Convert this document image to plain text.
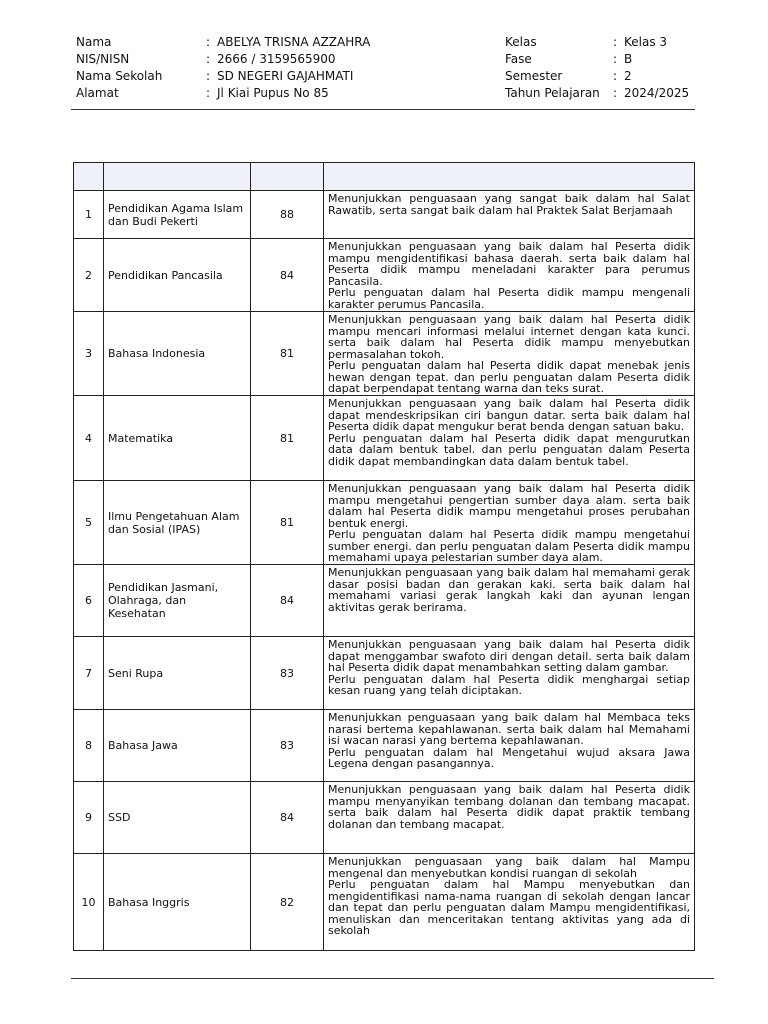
Nama	: ABELYA TRISNA AZZAHRA
NIS/NISN	: 2666 / 3159565900
Nama Sekolah	: SD NEGERI GAJAHMATI
Alamat	: Jl Kiai Pupus No 85
Kelas	: Kelas 3
Fase	: B
Semester	: 2
Tahun Pelajaran : 2024/2025

1	Pendidikan Agama Islam dan Budi Pekerti	88	Menunjukkan penguasaan yang sangat baik dalam hal Salat Rawatib, serta sangat baik dalam hal Praktek Salat Berjamaah

2	Pendidikan Pancasila	84	Menunjukkan penguasaan yang baik dalam hal Peserta didik mampu mengidentifikasi bahasa daerah. serta baik dalam hal Peserta didik mampu meneladani karakter para perumus Pancasila.

Perlu penguatan dalam hal Peserta didik mampu mengenali karakter perumus Pancasila.

3	Bahasa Indonesia	81	Menunjukkan penguasaan yang baik dalam hal Peserta didik mampu mencari informasi melalui internet dengan kata kunci. serta baik dalam hal Peserta didik mampu menyebutkan permasalahan tokoh.

Perlu penguatan dalam hal Peserta didik dapat menebak jenis hewan dengan tepat. dan perlu penguatan dalam Peserta didik dapat berpendapat tentang warna dan teks surat.

4	Matematika	81	Menunjukkan penguasaan yang baik dalam hal Peserta didik dapat mendeskripsikan ciri bangun datar. serta baik dalam hal Peserta didik dapat mengukur berat benda dengan satuan baku.

Perlu penguatan dalam hal Peserta didik dapat mengurutkan data dalam bentuk tabel. dan perlu penguatan dalam Peserta didik dapat membandingkan data dalam bentuk tabel.

5	Ilmu Pengetahuan Alam dan Sosial (IPAS)	81	Menunjukkan penguasaan yang baik dalam hal Peserta didik mampu mengetahui pengertian sumber daya alam. serta baik dalam hal Peserta didik mampu mengetahui proses perubahan bentuk energi.

Perlu penguatan dalam hal Peserta didik mampu mengetahui sumber energi. dan perlu penguatan dalam Peserta didik mampu memahami upaya pelestarian sumber daya alam.

6	Pendidikan Jasmani, Olahraga, dan Kesehatan	84	Menunjukkan penguasaan yang baik dalam hal memahami gerak dasar posisi badan dan gerakan kaki. serta baik dalam hal memahami variasi gerak langkah kaki dan ayunan lengan aktivitas gerak berirama.

7	Seni Rupa	83	Menunjukkan penguasaan yang baik dalam hal Peserta didik dapat menggambar swafoto diri dengan detail. serta baik dalam hal Peserta didik dapat menambahkan setting dalam gambar.

Perlu penguatan dalam hal Peserta didik menghargai setiap kesan ruang yang telah diciptakan.

8	Bahasa Jawa	83	Menunjukkan penguasaan yang baik dalam hal Membaca teks narasi bertema kepahlawanan. serta baik dalam hal Memahami isi wacan narasi yang bertema kepahlawanan.

Perlu penguatan dalam hal Mengetahui wujud aksara Jawa Legena dengan pasangannya.

9	SSD	84	Menunjukkan penguasaan yang baik dalam hal Peserta didik mampu menyanyikan tembang dolanan dan tembang macapat. serta baik dalam hal Peserta didik dapat praktik tembang dolanan dan tembang macapat.

10	Bahasa Inggris	82	Menunjukkan penguasaan yang baik dalam hal Mampu mengenal dan menyebutkan kondisi ruangan di sekolah

Perlu penguatan dalam hal Mampu menyebutkan dan mengidentifikasi nama-nama ruangan di sekolah dengan lancar dan tepat dan perlu penguatan dalam Mampu mengidentifikasi, menuliskan dan menceritakan tentang aktivitas yang ada di sekolah
